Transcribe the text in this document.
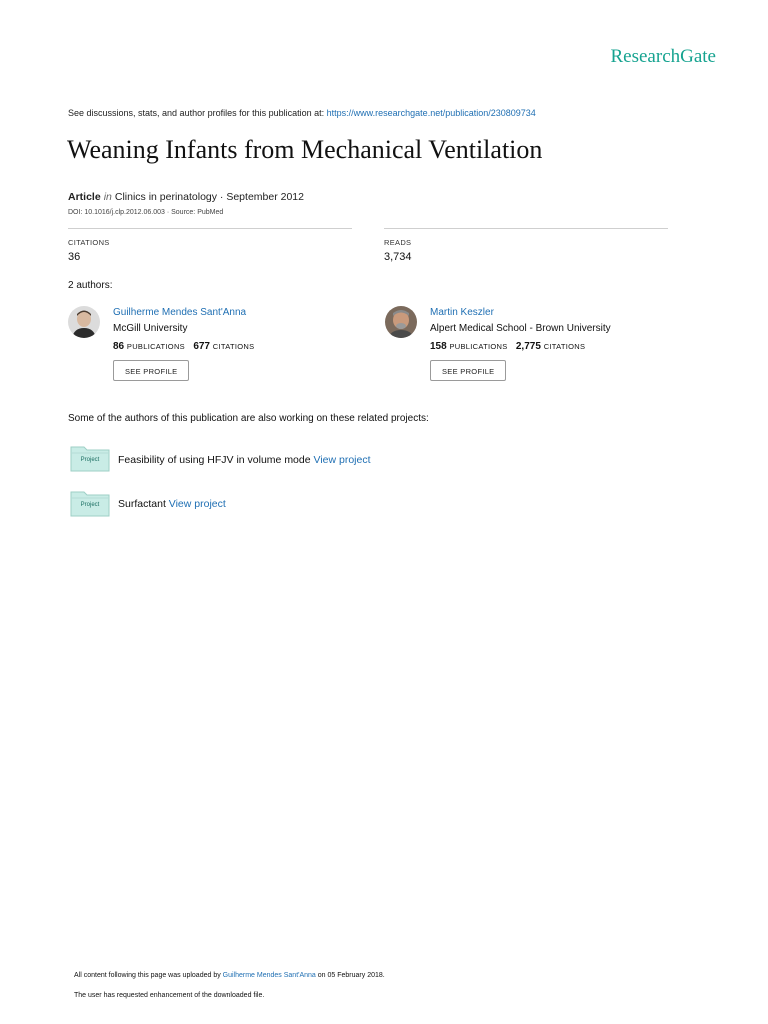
ResearchGate
See discussions, stats, and author profiles for this publication at: https://www.researchgate.net/publication/230809734
Weaning Infants from Mechanical Ventilation
Article in Clinics in perinatology · September 2012
DOI: 10.1016/j.clp.2012.06.003 · Source: PubMed
CITATIONS
36
READS
3,734
2 authors:
Guilherme Mendes Sant'Anna
McGill University
86 PUBLICATIONS 677 CITATIONS
SEE PROFILE
Martin Keszler
Alpert Medical School - Brown University
158 PUBLICATIONS 2,775 CITATIONS
SEE PROFILE
Some of the authors of this publication are also working on these related projects:
Project	Feasibility of using HFJV in volume mode View project
Project	Surfactant View project
All content following this page was uploaded by Guilherme Mendes Sant'Anna on 05 February 2018.
The user has requested enhancement of the downloaded file.
